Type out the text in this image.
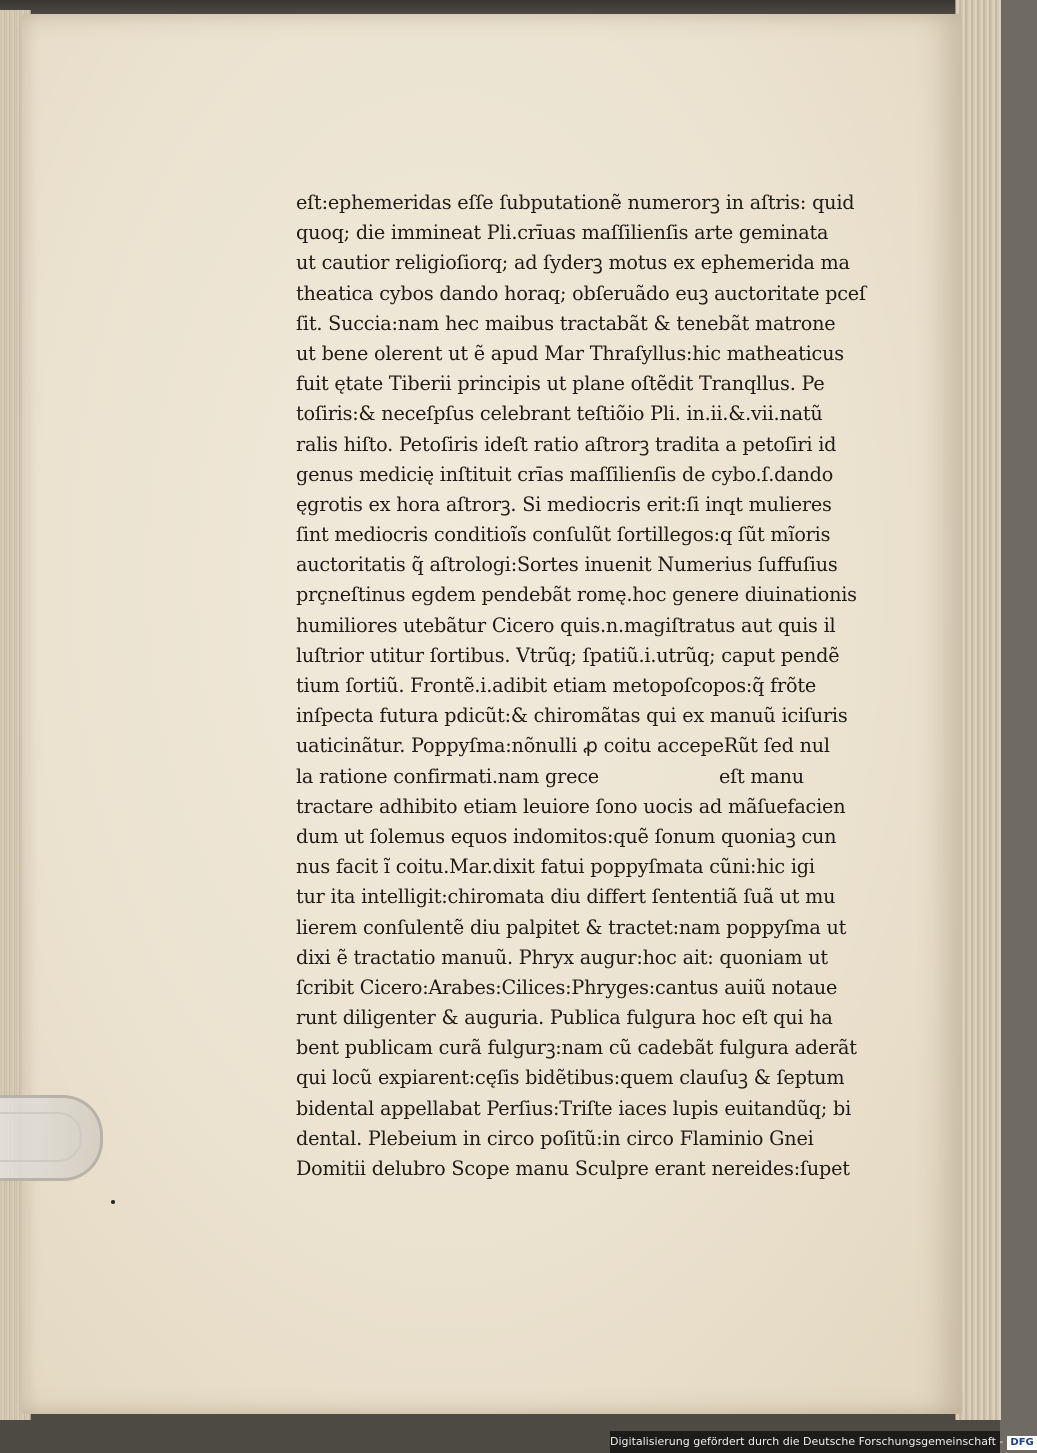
eſt:ephemeridas eſſe ſubputationẽ numerorꝫ in aſtris: quid
quoq; die immineat Pli.crīuas maſſilienſis arte geminata
ut cautior religioſiorq; ad ſyderꝫ motus ex ephemerida ma
theatica cybos dando horaq; obſeruãdo euꝫ auctoritate pceſ
ſit. Succia:nam hec maibus tractabãt & tenebãt matrone
ut bene olerent ut ẽ apud Mar Thraſyllus:hic matheaticus
fuit ętate Tiberii principis ut plane oſtẽdit Tranqllus. Pe
toſiris:& neceſpſus celebrant teſtiõio Pli. in.ii.&.vii.natũ
ralis hiſto. Petoſiris ideſt ratio aſtrorꝫ tradita a petoſiri id
genus medicię inſtituit crīas maſſilienſis de cybo.ſ.dando
ęgrotis ex hora aſtrorꝫ. Si mediocris erit:ſi inqt mulieres
ſint mediocris conditioĩs conſulũt ſortillegos:q ſũt mĩoris
auctoritatis q̃ aſtrologi:Sortes inuenit Numerius ſuffuſius
prçneſtinus egdem pendebãt romę.hoc genere diuinationis
humiliores utebãtur Cicero quis.n.magiſtratus aut quis il
luſtrior utitur ſortibus. Vtrũq; ſpatiũ.i.utrũq; caput pendẽ
tium ſortiũ. Frontẽ.i.adibit etiam metopoſcopos:q̃ frõte
inſpecta futura pdicũt:& chiromãtas qui ex manuũ iciſuris
uaticinãtur. Poppyſma:nõnulli ꝓ coitu accepeRũt ſed nul
la ratione confirmati.nam grece	eſt manu
tractare adhibito etiam leuiore ſono uocis ad mãſuefacien
dum ut ſolemus equos indomitos:quẽ ſonum quoniaꝫ cun
nus facit ĩ coitu.Mar.dixit fatui poppyſmata cũni:hic igi
tur ita intelligit:chiromata diu differt ſententiã ſuã ut mu
lierem conſulentẽ diu palpitet & tractet:nam poppyſma ut
dixi ẽ tractatio manuũ. Phryx augur:hoc ait: quoniam ut
ſcribit Cicero:Arabes:Cilices:Phryges:cantus auiũ notaue
runt diligenter & auguria. Publica fulgura hoc eſt qui ha
bent publicam curã fulgurꝫ:nam cũ cadebãt fulgura aderãt
qui locũ expiarent:cęſis bidẽtibus:quem clauſuꝫ & ſeptum
bidental appellabat Perſius:Triſte iaces lupis euitandũq; bi
dental. Plebeium in circo poſitũ:in circo Flaminio Gnei
Domitii delubro Scope manu Sculpre erant nereides:ſupet
Digitalisierung gefördert durch die Deutsche Forschungsgemeinschaft - DFG
